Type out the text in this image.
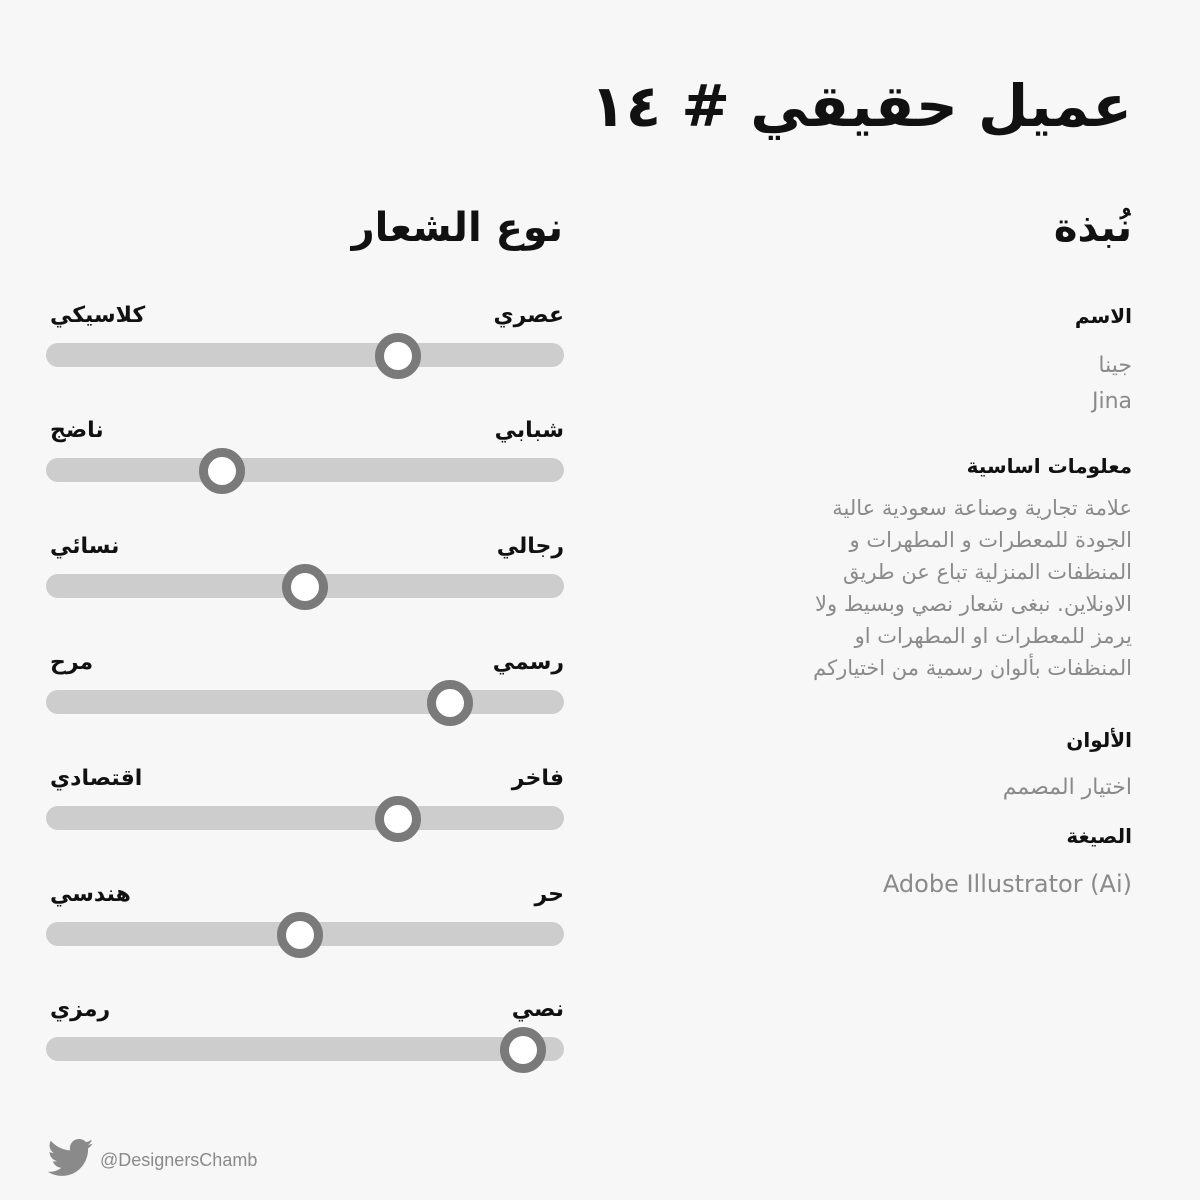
عميل حقيقي # ١٤
نُبذة
نوع الشعار

الاسم

جينا

Jina

معلومات اساسية

علامة تجارية وصناعة سعودية عالية
الجودة للمعطرات و المطهرات و
المنظفات المنزلية تباع عن طريق
الاونلاين. نبغى شعار نصي وبسيط ولا
يرمز للمعطرات او المطهرات او
المنظفات بألوان رسمية من اختياركم

الألوان

اختيار المصمم

الصيغة

Adobe Illustrator (Ai)

عصري
كلاسيكي
شبابي
ناضج
رجالي
نسائي
رسمي
مرح
فاخر
اقتصادي
حر
هندسي
نصي
رمزي
@DesignersChamb
